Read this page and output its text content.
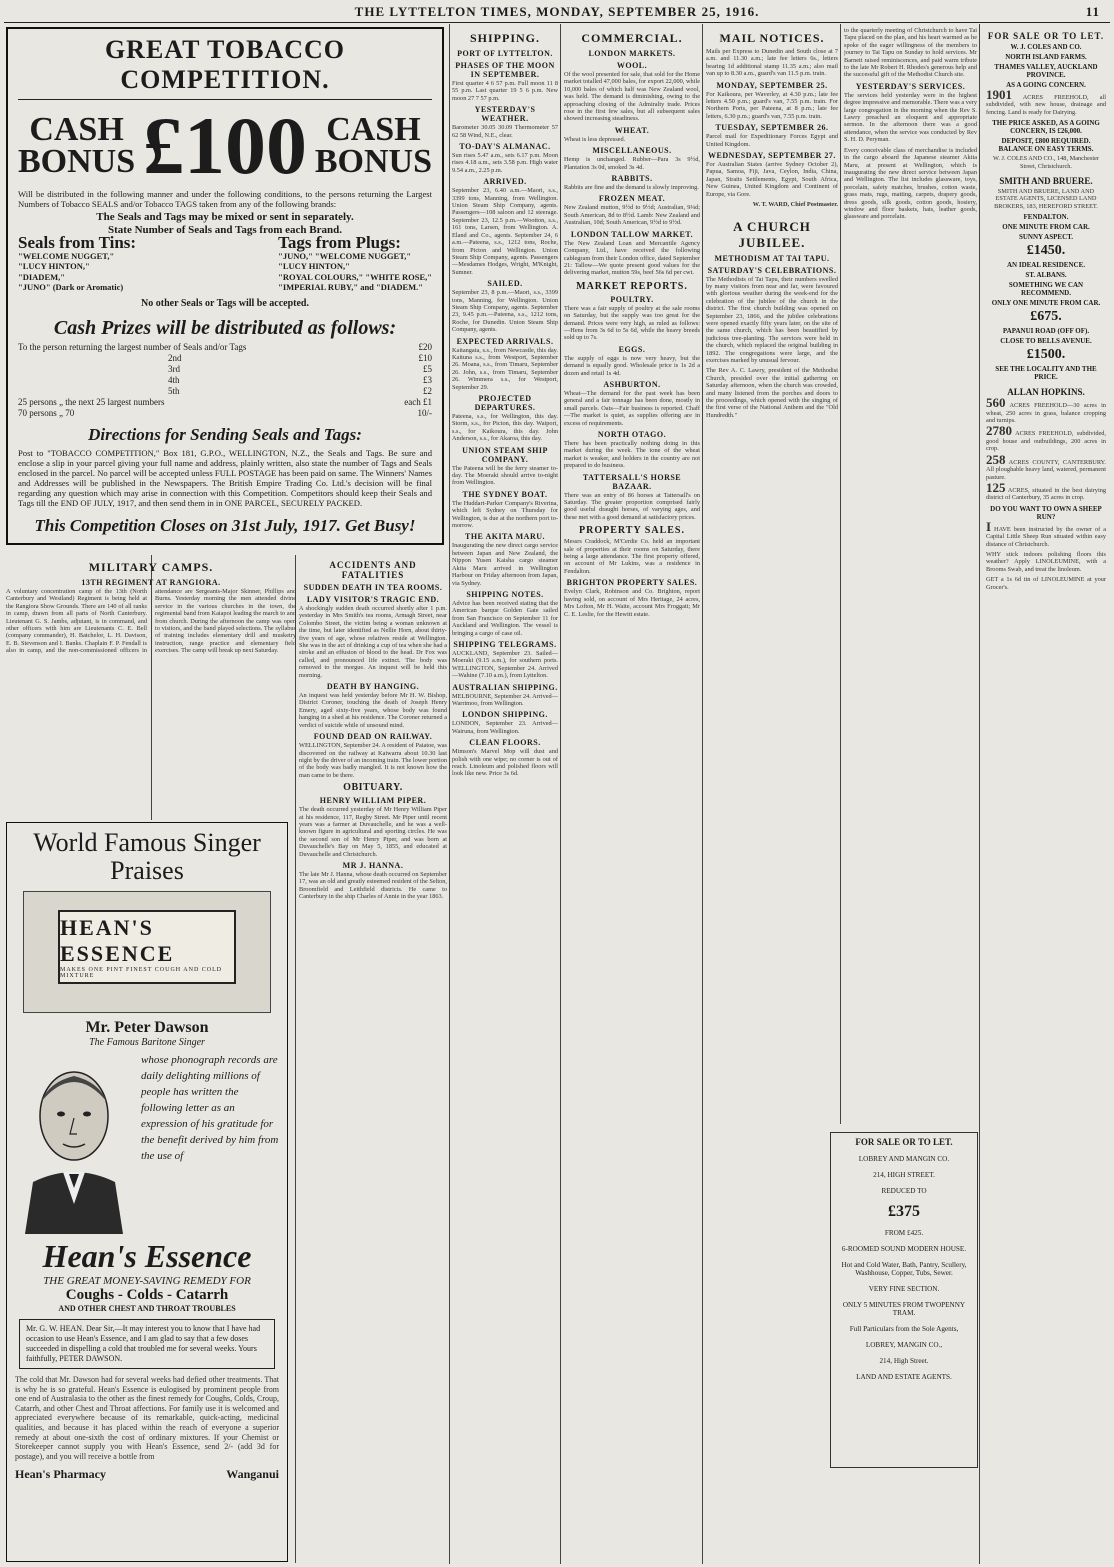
THE LYTTELTON TIMES, MONDAY, SEPTEMBER 25, 1916.	11
GREAT TOBACCO COMPETITION.
CASH
BONUS £100 CASH
BONUS

Will be distributed in the following manner and under the following conditions, to the persons returning the Largest Numbers of Tobacco SEALS and/or Tobacco TAGS taken from any of the following brands:

The Seals and Tags may be mixed or sent in separately.

State Number of Seals and Tags from each Brand.

Seals from Tins:
"WELCOME NUGGET,"
"LUCY HINTON,"
"DIADEM,"
"JUNO" (Dark or Aromatic)
Tags from Plugs:
"JUNO," "WELCOME NUGGET,"
"LUCY HINTON,"
"ROYAL COLOURS," "WHITE ROSE,"
"IMPERIAL RUBY," and "DIADEM."

No other Seals or Tags will be accepted.

Cash Prizes will be distributed as follows:
To the person returning the largest number of Seals and/or Tags	£20
2nd	£10
3rd	£5
4th	£3
5th	£2
25 persons „ the next 25 largest numbers	each £1
70 persons „ 70	10/-
Directions for Sending Seals and Tags:

Post to "TOBACCO COMPETITION," Box 181, G.P.O., WELLINGTON, N.Z., the Seals and Tags. Be sure and enclose a slip in your parcel giving your full name and address, plainly written, also state the number of Tags and Seals enclosed in the parcel. No parcel will be accepted unless FULL POSTAGE has been paid on same. The Winners' Names and Addresses will be published in the Newspapers. The British Empire Trading Co. Ltd.'s decision will be final regarding any question which may arise in connection with this Competition. Competitors should keep their Seals and Tags till the END OF JULY, 1917, and then send them in in ONE PARCEL, SECURELY PACKED.

This Competition Closes on 31st July, 1917. Get Busy!
MILITARY CAMPS.
13TH REGIMENT AT RANGIORA.

A voluntary concentration camp of the 13th (North Canterbury and Westland) Regiment is being held at the Rangiora Show Grounds. There are 140 of all ranks in camp, drawn from all parts of North Canterbury. Lieutenant G. S. Jambs, adjutant, is in command, and other officers with him are Lieutenants C. E. Bell (company commander), H. Batchelor, L. H. Davison, E. B. Stevenson and I. Banks. Chaplain F. P. Fendall is also in camp, and the non-commissioned officers in attendance are Sergeants-Major Skinner, Phillips and Burns. Yesterday morning the men attended divine service in the various churches in the town, the regimental band from Kaiapoi leading the march to and from church. During the afternoon the camp was open to visitors, and the band played selections. The syllabus of training includes elementary drill and musketry instruction, range practice and elementary field exercises. The camp will break up next Saturday.

World Famous Singer
Praises
HEAN'S ESSENCE
MAKES ONE PINT FINEST COUGH AND COLD MIXTURE
Mr. Peter Dawson
The Famous Baritone Singer
whose phonograph records are daily delighting millions of people has written the following letter as an expression of his gratitude for the benefit derived by him from the use of
Hean's Essence
THE GREAT MONEY-SAVING REMEDY FOR
Coughs - Colds - Catarrh
AND OTHER CHEST AND THROAT TROUBLES
Mr. G. W. HEAN. Dear Sir,—It may interest you to know that I have had occasion to use Hean's Essence, and I am glad to say that a few doses succeeded in dispelling a cold that troubled me for several weeks. Yours faithfully, PETER DAWSON.

The cold that Mr. Dawson had for several weeks had defied other treatments. That is why he is so grateful. Hean's Essence is eulogised by prominent people from one end of Australasia to the other as the finest remedy for Coughs, Colds, Croup, Catarrh, and other Chest and Throat affections. For family use it is welcomed and appreciated everywhere because of its remarkable, quick-acting, medicinal qualities, and because it has placed within the reach of everyone a superior remedy at about one-sixth the cost of ordinary mixtures. If your Chemist or Storekeeper cannot supply you with Hean's Essence, send 2/- (add 3d for postage), and you will receive a bottle from

Hean's Pharmacy	Wanganui
ACCIDENTS AND FATALITIES
SUDDEN DEATH IN TEA ROOMS.
LADY VISITOR'S TRAGIC END.

A shockingly sudden death occurred shortly after 1 p.m. yesterday in Mrs Smith's tea rooms, Armagh Street, near Colombo Street, the victim being a woman unknown at the time, but later identified as Nellie Horn, about thirty-five years of age, whose relatives reside at Wellington. She was in the act of drinking a cup of tea when she had a stroke and an effusion of blood to the head. Dr Fox was called, and pronounced life extinct. The body was removed to the morgue. An inquest will be held this morning.

DEATH BY HANGING.

An inquest was held yesterday before Mr H. W. Bishop, District Coroner, touching the death of Joseph Henry Emery, aged sixty-five years, whose body was found hanging in a shed at his residence. The Coroner returned a verdict of suicide while of unsound mind.

FOUND DEAD ON RAILWAY.

WELLINGTON, September 24. A resident of Paiatoe, was discovered on the railway at Kaiwarra about 10.30 last night by the driver of an incoming train. The lower portion of the body was badly mangled. It is not known how the man came to be there.

OBITUARY.
HENRY WILLIAM PIPER.

The death occurred yesterday of Mr Henry William Piper at his residence, 117, Regby Street. Mr Piper until recent years was a farmer at Duvauchelle, and he was a well-known figure in agricultural and sporting circles. He was the second son of Mr Henry Piper, and was born at Duvauchelle's Bay on May 5, 1855, and educated at Duvauchelle and Christchurch.

MR J. HANNA.

The late Mr J. Hanna, whose death occurred on September 17, was an old and greatly esteemed resident of the Selton, Broomfield and Leithfield districts. He came to Canterbury in the ship Charles of Annie in the year 1863.

SHIPPING.
PORT OF LYTTELTON.
PHASES OF THE MOON IN SEPTEMBER.

First quarter 4 6 57 p.m. Full moon 11 8 55 p.m. Last quarter 19 5 6 p.m. New moon 27 7 57 p.m.

YESTERDAY'S WEATHER.

Barometer 30.05 30.09 Thermometer 57 62 58 Wind, N.E., clear.

TO-DAY'S ALMANAC.

Sun rises 5.47 a.m., sets 6.17 p.m. Moon rises 4.18 a.m., sets 3.58 p.m. High water 9.54 a.m., 2.25 p.m.

ARRIVED.

September 23, 6.40 a.m.—Maori, s.s., 3399 tons, Manning, from Wellington. Union Steam Ship Company, agents. Passengers—108 saloon and 12 steerage. September 23, 12.5 p.m.—Wootton, s.s., 161 tons, Larsen, from Wellington. A. Eland and Co., agents. September 24, 6 a.m.—Pateena, s.s., 1212 tons, Roche, from Picton and Wellington. Union Steam Ship Company, agents. Passengers—Mesdames Hodges, Wright, M'Knight, Sumner.

SAILED.

September 23, 8 p.m.—Maori, s.s., 3399 tons, Manning, for Wellington. Union Steam Ship Company, agents. September 23, 9.45 p.m.—Pateena, s.s., 1212 tons, Roche, for Dunedin. Union Steam Ship Company, agents.

EXPECTED ARRIVALS.

Kaitangata, s.s., from Newcastle, this day. Kaituna s.s., from Westport, September 26. Moana, s.s., from Timaru, September 26. John, s.s., from Timaru, September 26. Wimmera s.s., for Westport, September 29.

PROJECTED DEPARTURES.

Pateena, s.s., for Wellington, this day. Storm, s.s., for Picton, this day. Waipori, s.s., for Kaikoura, this day. John Anderson, s.s., for Akaroa, this day.

UNION STEAM SHIP COMPANY.

The Pateena will be the ferry steamer to-day. The Moeraki should arrive to-night from Wellington.

THE SYDNEY BOAT.

The Huddart-Parker Company's Riverina, which left Sydney on Thursday for Wellington, is due at the northern port to-morrow.

THE AKITA MARU.

Inaugurating the new direct cargo service between Japan and New Zealand, the Nippon Yusen Kaisha cargo steamer Akita Maru arrived in Wellington Harbour on Friday afternoon from Japan, via Sydney.

SHIPPING NOTES.

Advice has been received stating that the American barque Golden Gate sailed from San Francisco on September 11 for Auckland and Wellington. The vessel is bringing a cargo of case oil.

SHIPPING TELEGRAMS.

AUCKLAND, September 23. Sailed—Moeraki (9.15 a.m.), for southern ports. WELLINGTON, September 24. Arrived—Wahine (7.10 a.m.), from Lyttelton.

AUSTRALIAN SHIPPING.

MELBOURNE, September 24. Arrived—Warrimoo, from Wellington.

LONDON SHIPPING.

LONDON, September 23. Arrived—Wairuna, from Wellington.

CLEAN FLOORS.

Mimson's Marvel Mop will dust and polish with one wipe; no corner is out of reach. Linoleum and polished floors will look like new. Price 3s 6d.

COMMERCIAL.
LONDON MARKETS.
WOOL.

Of the wool presented for sale, that sold for the Home market totalled 47,000 bales, for export 22,000, while 10,000 bales of which half was New Zealand wool, was held. The demand is diminishing, owing to the approaching closing of the Admiralty trade. Prices rose in the first few sales, but all subsequent sales showed increasing steadiness.

WHEAT.

Wheat is less depressed.

MISCELLANEOUS.

Hemp is unchanged. Rubber—Para 3s 9½d, Plantation 3s 0d, smoked 3s 4d.

RABBITS.

Rabbits are fine and the demand is slowly improving.

FROZEN MEAT.

New Zealand mutton, 9½d to 9½d; Australian, 9¼d; South American, 8d to 8½d. Lamb: New Zealand and Australian, 10d; South American, 9½d to 9½d.

LONDON TALLOW MARKET.

The New Zealand Loan and Mercantile Agency Company, Ltd., have received the following cablegram from their London office, dated September 21: Tallow—We quote present good values for the delivering market, mutton 59s, beef 56s 6d per cwt.

MARKET REPORTS.
POULTRY.

There was a fair supply of poultry at the sale rooms on Saturday, but the supply was too great for the demand. Prices were very high, as ruled as follows:—Hens from 3s 6d to 5s 6d, while the heavy breeds sold up to 7s.

EGGS.

The supply of eggs is now very heavy, but the demand is equally good. Wholesale price is 1s 2d a dozen and retail 1s 4d.

ASHBURTON.

Wheat—The demand for the past week has been general and a fair tonnage has been done, mostly in small parcels. Oats—Fair business is reported. Chaff—The market is quiet, as supplies offering are in excess of requirements.

NORTH OTAGO.

There has been practically nothing doing in this market during the week. The tone of the wheat market is weaker, and holders in the country are not prepared to do business.

TATTERSALL'S HORSE BAZAAR.

There was an entry of 86 horses at Tattersall's on Saturday. The greater proportion comprised fairly good useful draught horses, of varying ages, and these met with a good demand at satisfactory prices.

PROPERTY SALES.

Messrs Craddock, M'Cerdie Co. held an important sale of properties at their rooms on Saturday, there being a large attendance. The first property offered, on account of Mr Lukins, was a residence in Fendalton.

BRIGHTON PROPERTY SALES.

Evelyn Clark, Robinson and Co. Brighton, report having sold, on account of Mrs Heritage, 24 acres, Mrs Lofton, Mr H. Waite, account Mrs Froggatt; Mr C. E. Leslie, for the Hewitt estate.

MAIL NOTICES.

Mails per Express to Dunedin and South close at 7 a.m. and 11.30 a.m.; late fee letters 6s., letters bearing 1d additional stamp 11.35 a.m.; also mail van up to 8.30 a.m., guard's van 11.5 p.m. train.

MONDAY, SEPTEMBER 25.

For Kaikoura, per Waverley, at 4.30 p.m.; late fee letters 4.50 p.m.; guard's van, 7.55 p.m. train. For Northern Ports, per Pateena, at 8 p.m.; late fee letters, 6.30 p.m.; guard's van, 7.55 p.m. train.

TUESDAY, SEPTEMBER 26.

Parcel mail for Expeditionary Forces Egypt and United Kingdom.

WEDNESDAY, SEPTEMBER 27.

For Australian States (arrive Sydney October 2), Papua, Samoa, Fiji, Java, Ceylon, India, China, Japan, Straits Settlements, Egypt, South Africa, New Guinea, United Kingdom and Continent of Europe, via Gore.

W. T. WARD, Chief Postmaster.

A CHURCH JUBILEE.
METHODISM AT TAI TAPU.
SATURDAY'S CELEBRATIONS.

The Methodists of Tai Tapu, their numbers swelled by many visitors from near and far, were favoured with glorious weather during the week-end for the celebration of the jubilee of the church in the district. The first church building was opened on September 23, 1866, and the jubilee celebrations were opened exactly fifty years later, on the site of the same church, which has been beautified by judicious tree-planting. The services were held in the church, which replaced the original building in 1892. The congregations were large, and the exercises marked by unusual fervour.

The Rev A. C. Lawry, president of the Methodist Church, presided over the initial gathering on Saturday afternoon, when the church was crowded, and many listened from the porches and doors to the proceedings, which opened with the singing of the first verse of the National Anthem and the "Old Hundredth."

to the quarterly meeting of Christchurch to have Tai Tapu placed on the plan, and his heart warmed as he spoke of the eager willingness of the members to journey to Tai Tapu on Sunday to hold services. Mr Barnett raised reminiscences, and paid warm tribute to the late Mr Robert H. Rhodes's generous help and the successful gift of the Methodist Church site.

YESTERDAY'S SERVICES.

The services held yesterday were in the highest degree impressive and memorable. There was a very large congregation in the morning when the Rev S. Lawry preached an eloquent and appropriate sermon. In the afternoon there was a good attendance, when the service was conducted by Rev S. H. D. Peryman.

Every conceivable class of merchandise is included in the cargo aboard the Japanese steamer Akita Maru, at present at Wellington, which is inaugurating the new direct service between Japan and Wellington. The list includes glassware, toys, porcelain, safety matches, brushes, cotton waste, grass mats, rugs, matting, carpets, drapery goods, dress goods, silk goods, cotton goods, hosiery, window and floor baskets, hats, leather goods, glassware and porcelain.

FOR SALE OR TO LET.
LOBREY AND MANGIN CO.
214, HIGH STREET.
REDUCED TO
£375
FROM £425.
6-ROOMED SOUND MODERN HOUSE.
Hot and Cold Water, Bath, Pantry, Scullery, Washhouse, Copper, Tubs, Sewer.
VERY FINE SECTION.
ONLY 5 MINUTES FROM TWOPENNY TRAM.
Full Particulars from the Sole Agents,
LOBREY, MANGIN CO.,
214, High Street.
LAND AND ESTATE AGENTS.
FOR SALE OR TO LET.
W. J. COLES AND CO.
NORTH ISLAND FARMS.
THAMES VALLEY, AUCKLAND PROVINCE.
AS A GOING CONCERN.

1901 ACRES FREEHOLD, all subdivided, with new house, drainage and fencing. Land is ready for Dairying.

THE PRICE ASKED, AS A GOING CONCERN, IS £26,000.
DEPOSIT, £800 REQUIRED. BALANCE ON EASY TERMS.

W. J. COLES AND CO., 148, Manchester Street, Christchurch.

SMITH AND BRUERE.

SMITH AND BRUERE, LAND AND ESTATE AGENTS, LICENSED LAND BROKERS, 183, HEREFORD STREET.

FENDALTON.
ONE MINUTE FROM CAR.
SUNNY ASPECT.
£1450.
AN IDEAL RESIDENCE.
ST. ALBANS.
SOMETHING WE CAN RECOMMEND.
ONLY ONE MINUTE FROM CAR.
£675.
PAPANUI ROAD (OFF OF).
CLOSE TO BELLS AVENUE.
£1500.
SEE THE LOCALITY AND THE PRICE.
ALLAN HOPKINS.

560 ACRES FREEHOLD—30 acres in wheat, 250 acres in grass, balance cropping and turnips.

2780 ACRES FREEHOLD, subdivided, good house and outbuildings, 200 acres in crop.

258 ACRES COUNTY, CANTERBURY. All ploughable heavy land, watered, permanent pasture.

125 ACRES, situated in the best dairying district of Canterbury, 35 acres in crop.

DO YOU WANT TO OWN A SHEEP RUN?

I HAVE been instructed by the owner of a Capital Little Sheep Run situated within easy distance of Christchurch.

WHY stick indoors polishing floors this weather? Apply LINOLEUMINE, with a Brooms Swab, and treat the linoleum.

GET a 1s 6d tin of LINOLEUMINE at your Grocer's.
